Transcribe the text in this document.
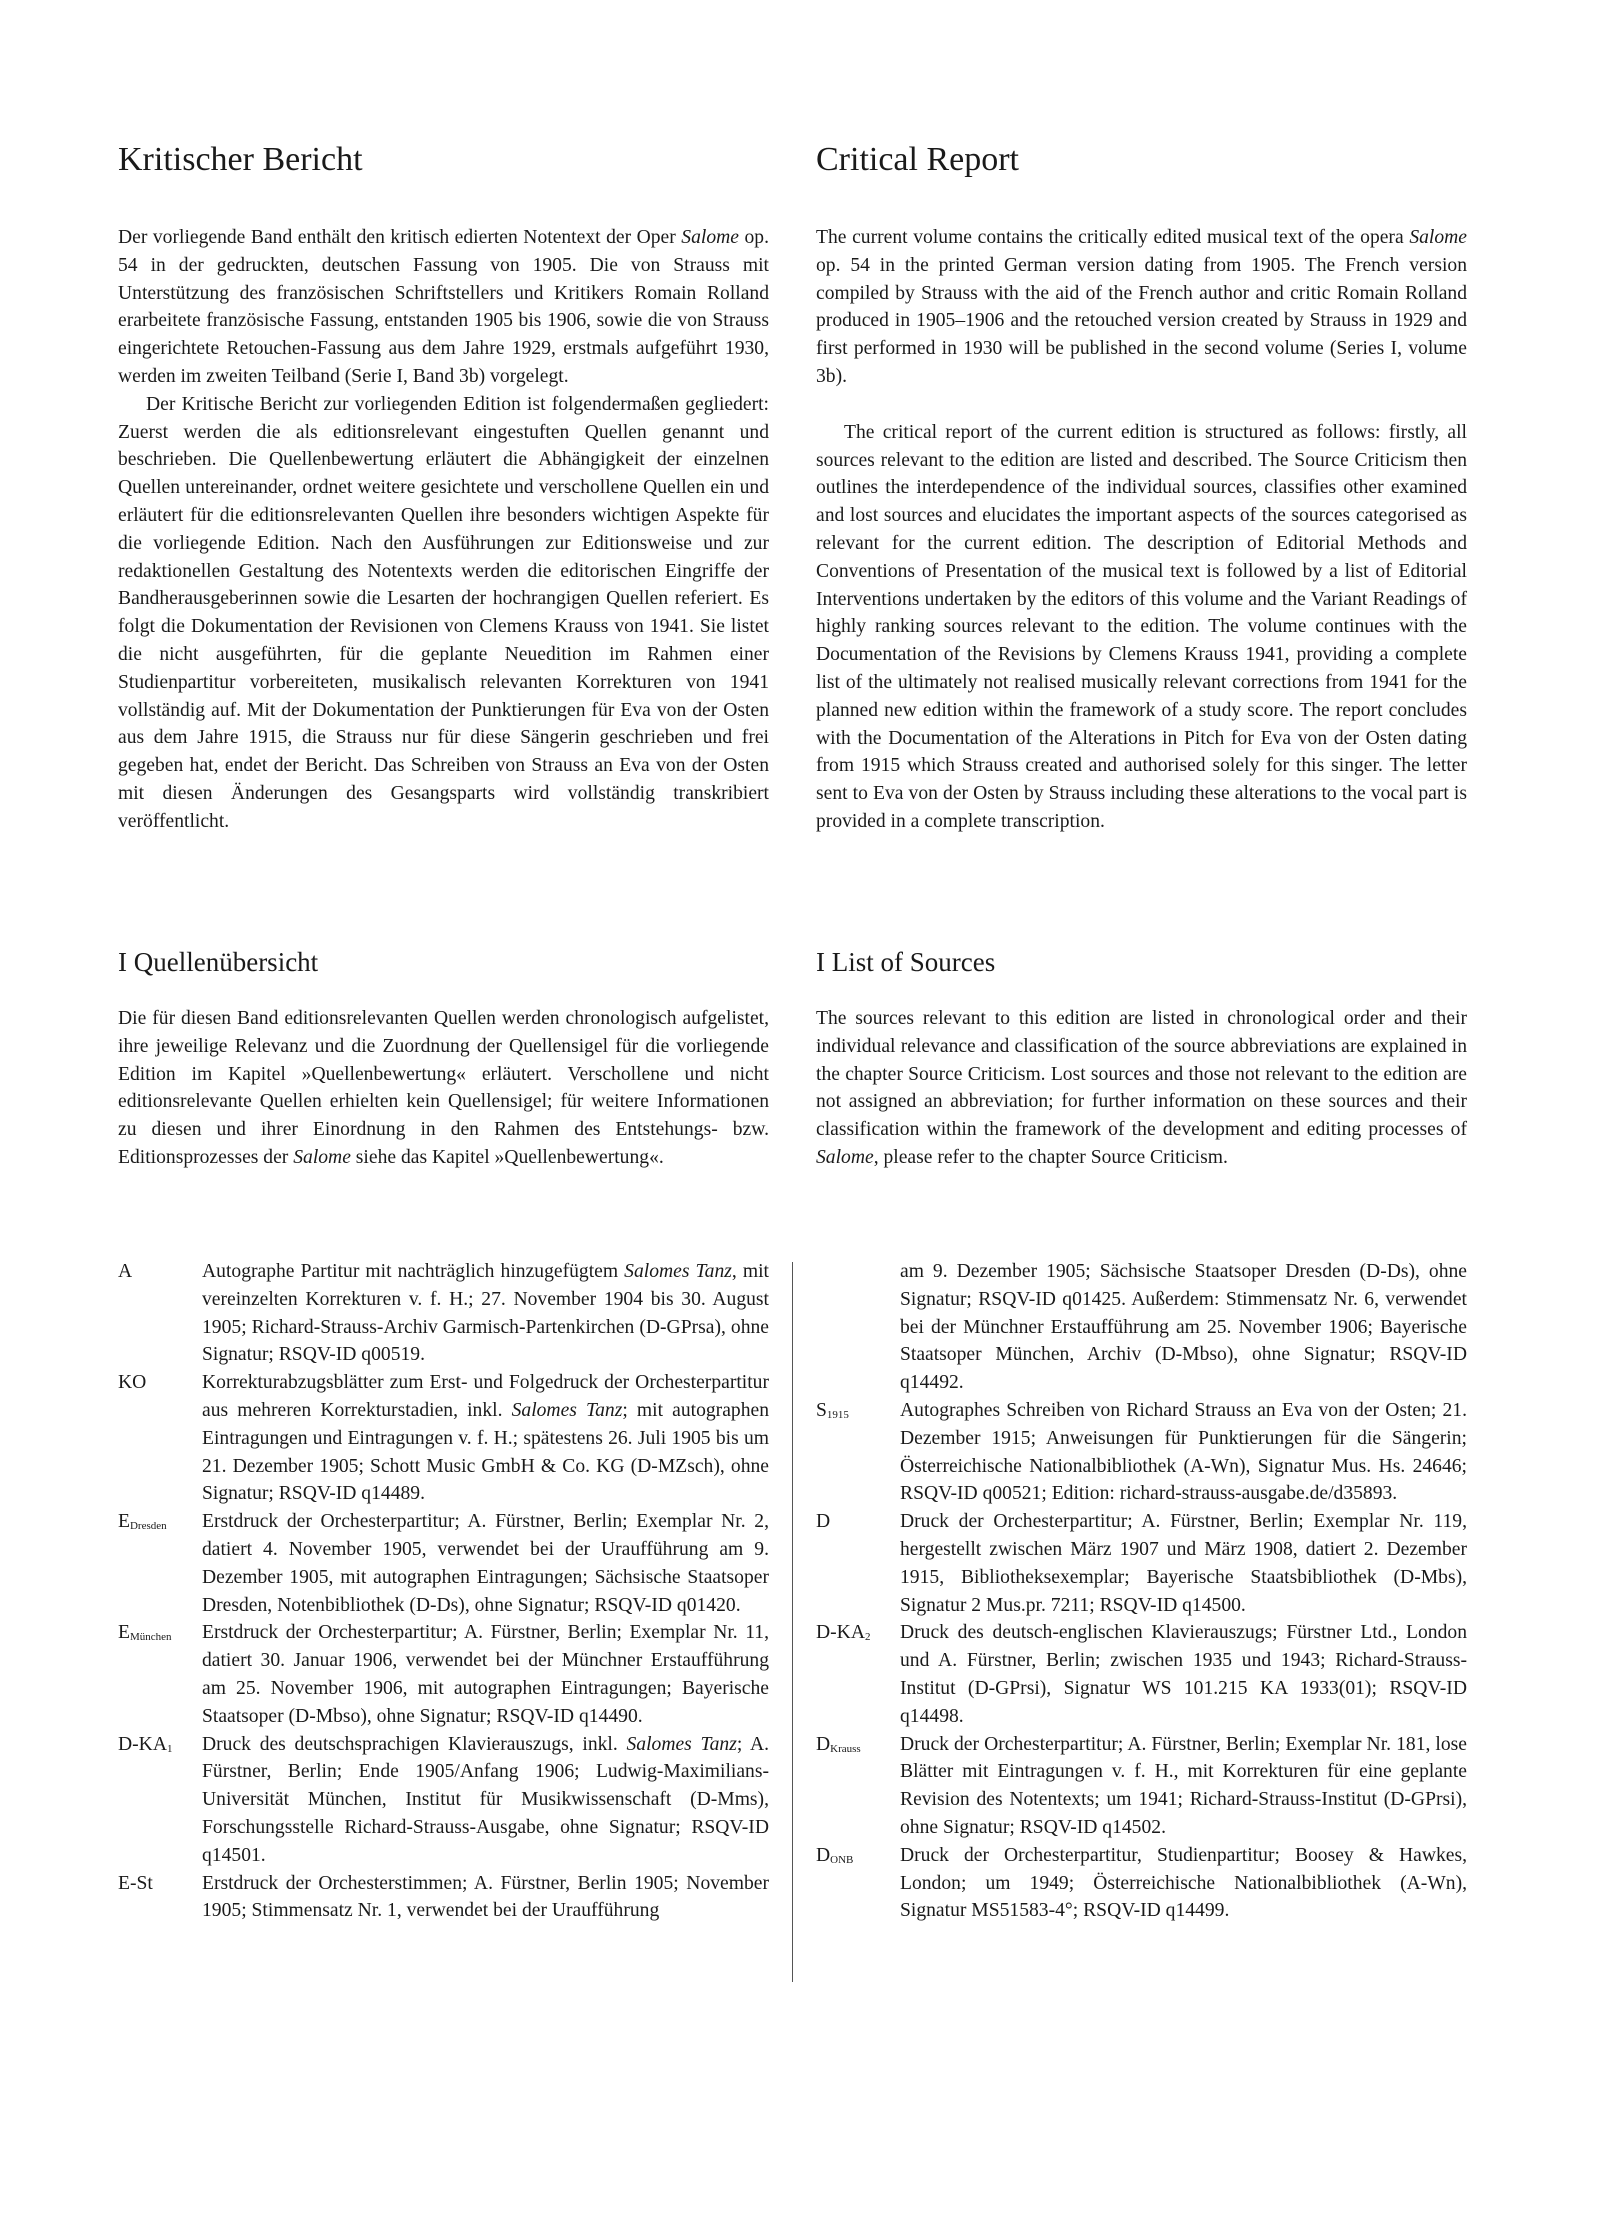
Kritischer Bericht

Der vorliegende Band enthält den kritisch edierten Notentext der Oper Salome op. 54 in der gedruckten, deutschen Fassung von 1905. Die von Strauss mit Unterstützung des französischen Schriftstellers und Kritikers Romain Rolland erarbeitete französische Fassung, entstanden 1905 bis 1906, sowie die von Strauss eingerichtete Retouchen-Fassung aus dem Jahre 1929, erstmals aufgeführt 1930, werden im zweiten Teilband (Serie I, Band 3b) vorgelegt.

Der Kritische Bericht zur vorliegenden Edition ist folgendermaßen gegliedert: Zuerst werden die als editionsrelevant eingestuften Quellen genannt und beschrieben. Die Quellenbewertung erläutert die Abhängigkeit der einzelnen Quellen untereinander, ordnet weitere gesichtete und verschollene Quellen ein und erläutert für die editionsrelevanten Quellen ihre besonders wichtigen Aspekte für die vorliegende Edition. Nach den Ausführungen zur Editionsweise und zur redaktionellen Gestaltung des Notentexts werden die editorischen Eingriffe der Bandherausgeberinnen sowie die Lesarten der hochrangigen Quellen referiert. Es folgt die Dokumentation der Revisionen von Clemens Krauss von 1941. Sie listet die nicht ausgeführten, für die geplante Neuedition im Rahmen einer Studienpartitur vorbereiteten, musikalisch relevanten Korrekturen von 1941 vollständig auf. Mit der Dokumentation der Punktierungen für Eva von der Osten aus dem Jahre 1915, die Strauss nur für diese Sängerin geschrieben und frei gegeben hat, endet der Bericht. Das Schreiben von Strauss an Eva von der Osten mit diesen Änderungen des Gesangsparts wird vollständig transkribiert veröffentlicht.

I Quellenübersicht

Die für diesen Band editionsrelevanten Quellen werden chronologisch aufgelistet, ihre jeweilige Relevanz und die Zuordnung der Quellensigel für die vorliegende Edition im Kapitel »Quellenbewertung« erläutert. Verschollene und nicht editionsrelevante Quellen erhielten kein Quellensigel; für weitere Informationen zu diesen und ihrer Einordnung in den Rahmen des Entstehungs- bzw. Editionsprozesses der Salome siehe das Kapitel »Quellenbewertung«.

Critical Report

The current volume contains the critically edited musical text of the opera Salome op. 54 in the printed German version dating from 1905. The French version compiled by Strauss with the aid of the French author and critic Romain Rolland produced in 1905–1906 and the retouched version created by Strauss in 1929 and first performed in 1930 will be published in the second volume (Series I, volume 3b).

The critical report of the current edition is structured as follows: firstly, all sources relevant to the edition are listed and described. The Source Criticism then outlines the interdependence of the individual sources, classifies other examined and lost sources and elucidates the important aspects of the sources categorised as relevant for the current edition. The description of Editorial Methods and Conventions of Presentation of the musical text is followed by a list of Editorial Interventions undertaken by the editors of this volume and the Variant Readings of highly ranking sources relevant to the edition. The volume continues with the Documentation of the Revisions by Clemens Krauss 1941, providing a complete list of the ultimately not realised musically relevant corrections from 1941 for the planned new edition within the framework of a study score. The report concludes with the Documentation of the Alterations in Pitch for Eva von der Osten dating from 1915 which Strauss created and authorised solely for this singer. The letter sent to Eva von der Osten by Strauss including these alterations to the vocal part is provided in a complete transcription.

I List of Sources

The sources relevant to this edition are listed in chronological order and their individual relevance and classification of the source abbreviations are explained in the chapter Source Criticism. Lost sources and those not relevant to the edition are not assigned an abbreviation; for further information on these sources and their classification within the framework of the development and editing processes of Salome, please refer to the chapter Source Criticism.

A	Autographe Partitur mit nachträglich hinzugefügtem Salomes Tanz, mit vereinzelten Korrekturen v. f. H.; 27. November 1904 bis 30. August 1905; Richard-Strauss-Archiv Garmisch-Partenkirchen (D-GPrsa), ohne Signatur; RSQV-ID q00519.
KO	Korrekturabzugsblätter zum Erst- und Folgedruck der Orchesterpartitur aus mehreren Korrekturstadien, inkl. Salomes Tanz; mit autographen Eintragungen und Eintragungen v. f. H.; spätestens 26. Juli 1905 bis um 21. Dezember 1905; Schott Music GmbH & Co. KG (D-MZsch), ohne Signatur; RSQV-ID q14489.
$E_{Dresden}$	Erstdruck der Orchesterpartitur; A. Fürstner, Berlin; Exemplar Nr. 2, datiert 4. November 1905, verwendet bei der Uraufführung am 9. Dezember 1905, mit autographen Eintragungen; Sächsische Staatsoper Dresden, Notenbibliothek (D-Ds), ohne Signatur; RSQV-ID q01420.
$E_{München}$	Erstdruck der Orchesterpartitur; A. Fürstner, Berlin; Exemplar Nr. 11, datiert 30. Januar 1906, verwendet bei der Münchner Erstaufführung am 25. November 1906, mit autographen Eintragungen; Bayerische Staatsoper (D-Mbso), ohne Signatur; RSQV-ID q14490.
$D-KA_1$	Druck des deutschsprachigen Klavierauszugs, inkl. Salomes Tanz; A. Fürstner, Berlin; Ende 1905/Anfang 1906; Ludwig-Maximilians-Universität München, Institut für Musikwissenschaft (D-Mms), Forschungsstelle Richard-Strauss-Ausgabe, ohne Signatur; RSQV-ID q14501.
E-St	Erstdruck der Orchesterstimmen; A. Fürstner, Berlin 1905; November 1905; Stimmensatz Nr. 1, verwendet bei der Uraufführung
am 9. Dezember 1905; Sächsische Staatsoper Dresden (D-Ds), ohne Signatur; RSQV-ID q01425. Außerdem: Stimmensatz Nr. 6, verwendet bei der Münchner Erstaufführung am 25. November 1906; Bayerische Staatsoper München, Archiv (D-Mbso), ohne Signatur; RSQV-ID q14492.
$S_{1915}$	Autographes Schreiben von Richard Strauss an Eva von der Osten; 21. Dezember 1915; Anweisungen für Punktierungen für die Sängerin; Österreichische Nationalbibliothek (A-Wn), Signatur Mus. Hs. 24646; RSQV-ID q00521; Edition: richard-strauss-ausgabe.de/d35893.
D	Druck der Orchesterpartitur; A. Fürstner, Berlin; Exemplar Nr. 119, hergestellt zwischen März 1907 und März 1908, datiert 2. Dezember 1915, Bibliotheksexemplar; Bayerische Staatsbibliothek (D-Mbs), Signatur 2 Mus.pr. 7211; RSQV-ID q14500.
$D-KA_2$	Druck des deutsch-englischen Klavierauszugs; Fürstner Ltd., London und A. Fürstner, Berlin; zwischen 1935 und 1943; Richard-Strauss-Institut (D-GPrsi), Signatur WS 101.215 KA 1933(01); RSQV-ID q14498.
$D_{Krauss}$	Druck der Orchesterpartitur; A. Fürstner, Berlin; Exemplar Nr. 181, lose Blätter mit Eintragungen v. f. H., mit Korrekturen für eine geplante Revision des Notentexts; um 1941; Richard-Strauss-Institut (D-GPrsi), ohne Signatur; RSQV-ID q14502.
$D_{ONB}$	Druck der Orchesterpartitur, Studienpartitur; Boosey & Hawkes, London; um 1949; Österreichische Nationalbibliothek (A-Wn), Signatur MS51583-4°; RSQV-ID q14499.
